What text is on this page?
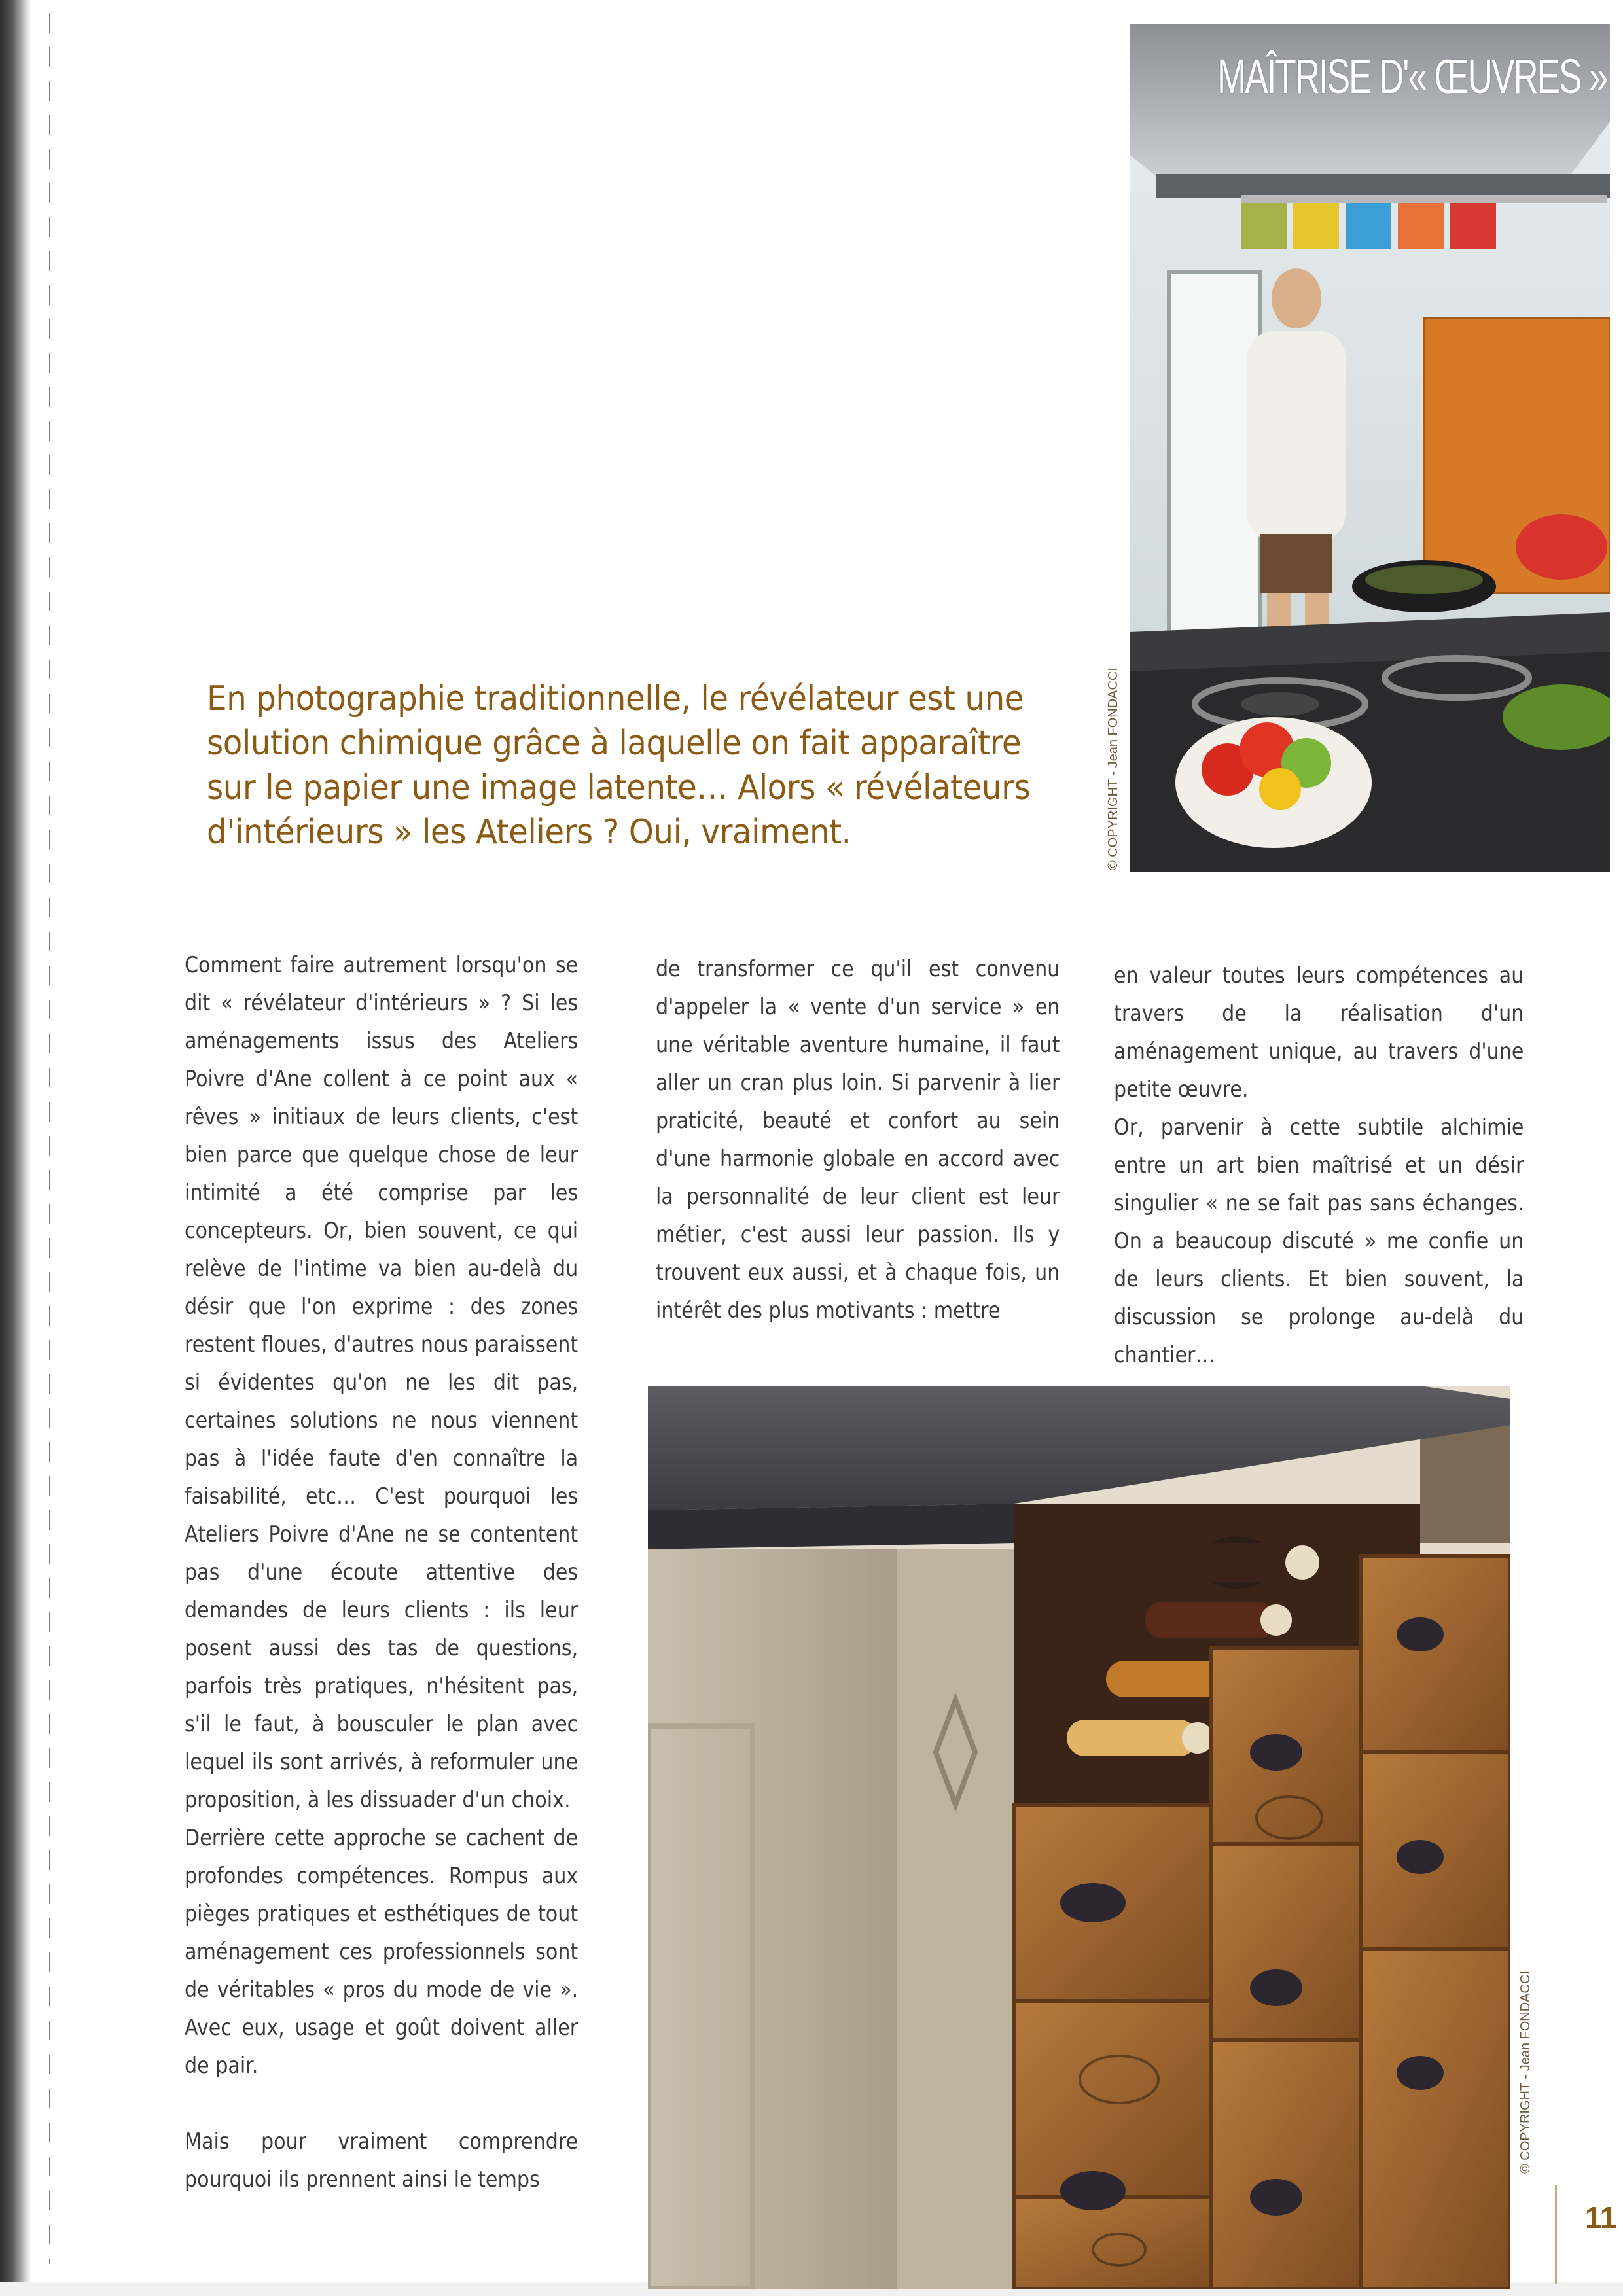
MAÎTRISE D'« ŒUVRES »
© COPYRIGHT - Jean FONDACCI
En photographie traditionnelle, le révélateur est une solution chimique grâce à laquelle on fait apparaître sur le papier une image latente… Alors « révélateurs d'intérieurs » les Ateliers ? Oui, vraiment.

Comment faire autrement lorsqu'on se dit « révélateur d'intérieurs » ? Si les aménagements issus des Ateliers Poivre d'Ane collent à ce point aux « rêves » initiaux de leurs clients, c'est bien parce que quelque chose de leur intimité a été comprise par les concepteurs. Or, bien souvent, ce qui relève de l'intime va bien au-delà du désir que l'on exprime : des zones restent floues, d'autres nous paraissent si évidentes qu'on ne les dit pas, certaines solutions ne nous viennent pas à l'idée faute d'en connaître la faisabilité, etc… C'est pourquoi les Ateliers Poivre d'Ane ne se contentent pas d'une écoute attentive des demandes de leurs clients : ils leur posent aussi des tas de questions, parfois très pratiques, n'hésitent pas, s'il le faut, à bousculer le plan avec lequel ils sont arrivés, à reformuler une proposition, à les dissuader d'un choix.

Derrière cette approche se cachent de profondes compétences. Rompus aux pièges pratiques et esthétiques de tout aménagement ces professionnels sont de véritables « pros du mode de vie ». Avec eux, usage et goût doivent aller de pair.

Mais pour vraiment comprendre pourquoi ils prennent ainsi le temps

de transformer ce qu'il est convenu d'appeler la « vente d'un service » en une véritable aventure humaine, il faut aller un cran plus loin. Si parvenir à lier praticité, beauté et confort au sein d'une harmonie globale en accord avec la personnalité de leur client est leur métier, c'est aussi leur passion. Ils y trouvent eux aussi, et à chaque fois, un intérêt des plus motivants : mettre

en valeur toutes leurs compétences au travers de la réalisation d'un aménagement unique, au travers d'une petite œuvre.

Or, parvenir à cette subtile alchimie entre un art bien maîtrisé et un désir singulier « ne se fait pas sans échanges. On a beaucoup discuté » me confie un de leurs clients. Et bien souvent, la discussion se prolonge au-delà du chantier…

© COPYRIGHT - Jean FONDACCI
11
